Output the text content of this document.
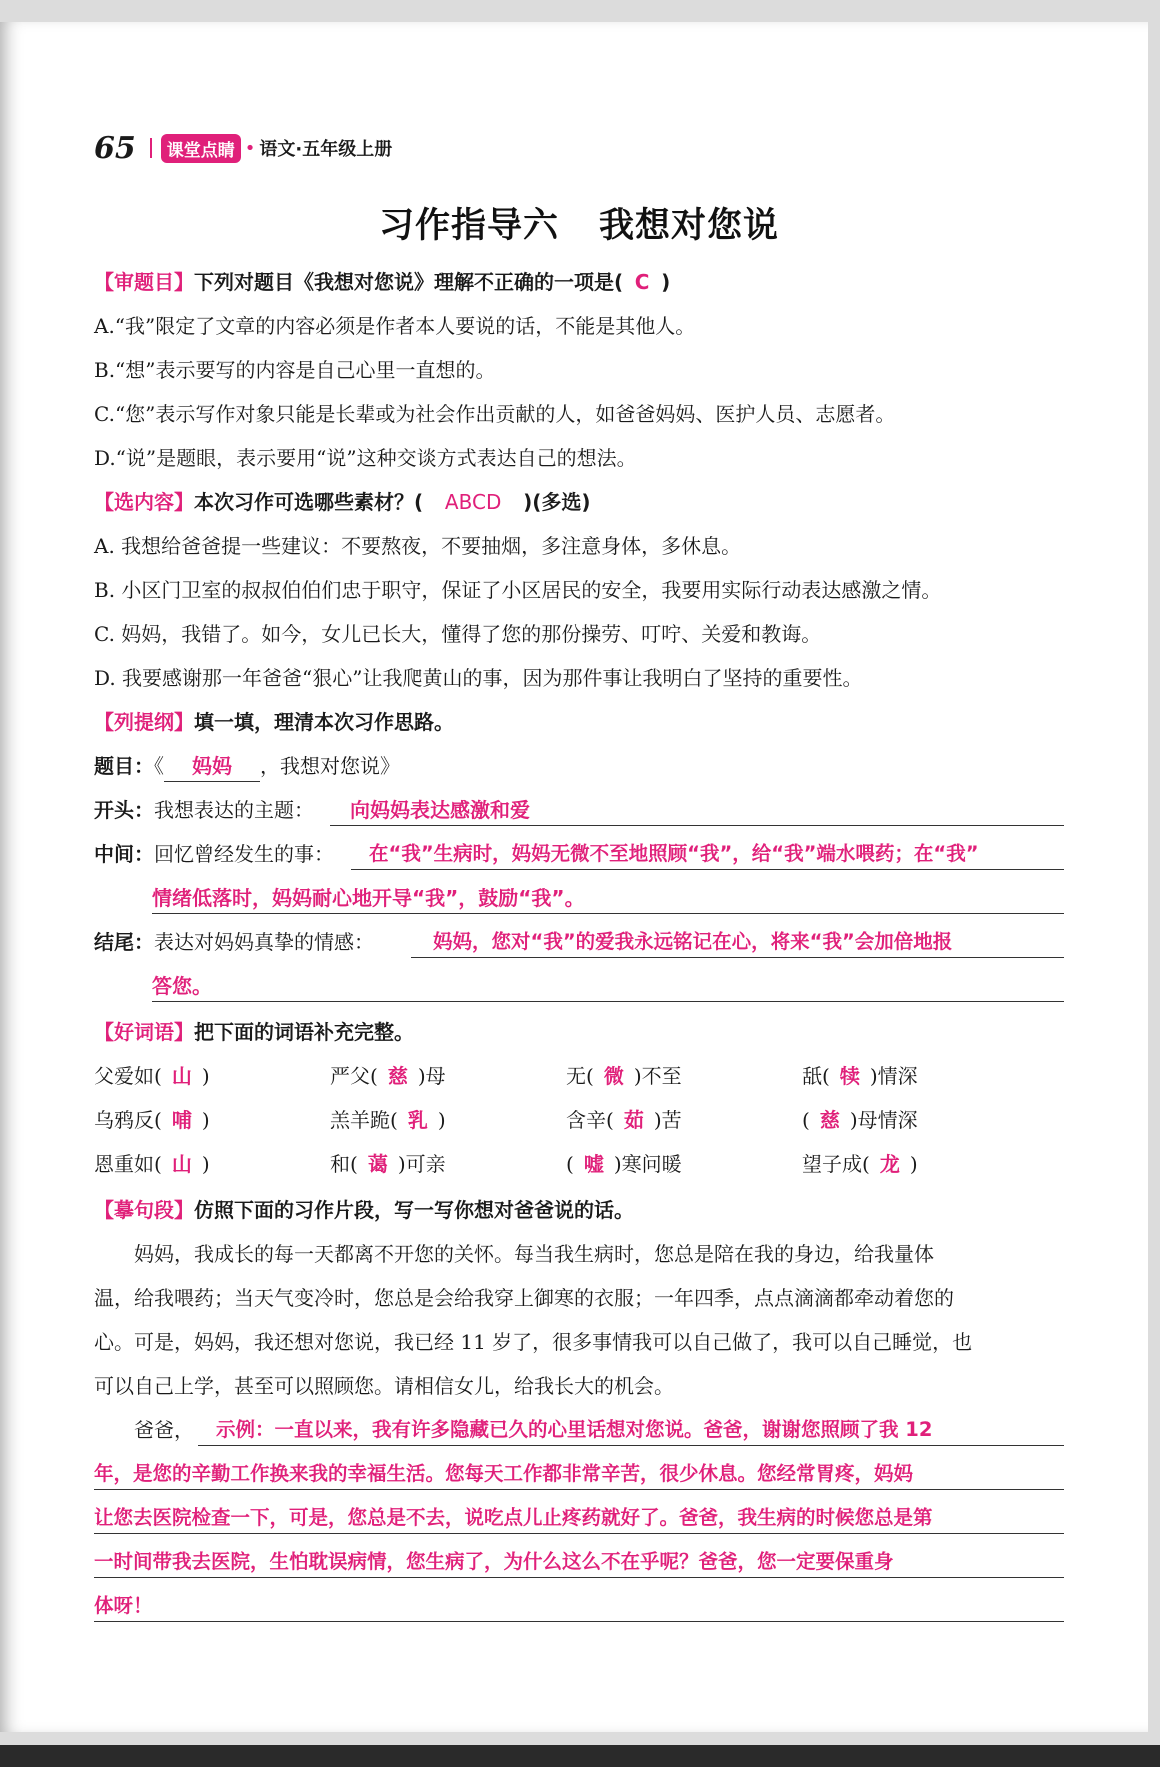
65	课堂点睛 • 语文·五年级上册
习作指导六 我想对您说
【审题目】下列对题目《我想对您说》理解不正确的一项是( C )
A.“我”限定了文章的内容必须是作者本人要说的话，不能是其他人。
B.“想”表示要写的内容是自己心里一直想的。
C.“您”表示写作对象只能是长辈或为社会作出贡献的人，如爸爸妈妈、医护人员、志愿者。
D.“说”是题眼，表示要用“说”这种交谈方式表达自己的想法。
【选内容】本次习作可选哪些素材？( ABCD )(多选)
A. 我想给爸爸提一些建议：不要熬夜，不要抽烟，多注意身体，多休息。
B. 小区门卫室的叔叔伯伯们忠于职守，保证了小区居民的安全，我要用实际行动表达感激之情。
C. 妈妈，我错了。如今，女儿已长大，懂得了您的那份操劳、叮咛、关爱和教诲。
D. 我要感谢那一年爸爸“狠心”让我爬黄山的事，因为那件事让我明白了坚持的重要性。
【列提纲】填一填，理清本次习作思路。
题目：《 妈妈 ，我想对您说》
开头：我想表达的主题：	向妈妈表达感激和爱
中间：回忆曾经发生的事：	在“我”生病时，妈妈无微不至地照顾“我”，给“我”端水喂药；在“我”
情绪低落时，妈妈耐心地开导“我”，鼓励“我”。
结尾：表达对妈妈真挚的情感：	妈妈，您对“我”的爱我永远铭记在心，将来“我”会加倍地报
答您。
【好词语】把下面的词语补充完整。
父爱如( 山 )	严父( 慈 )母	无( 微 )不至	舐( 犊 )情深
乌鸦反( 哺 )	羔羊跪( 乳 )	含辛( 茹 )苦	( 慈 )母情深
恩重如( 山 )	和( 蔼 )可亲	( 嘘 )寒问暖	望子成( 龙 )
【摹句段】仿照下面的习作片段，写一写你想对爸爸说的话。
　　妈妈，我成长的每一天都离不开您的关怀。每当我生病时，您总是陪在我的身边，给我量体
温，给我喂药；当天气变冷时，您总是会给我穿上御寒的衣服；一年四季，点点滴滴都牵动着您的
心。可是，妈妈，我还想对您说，我已经 11 岁了，很多事情我可以自己做了，我可以自己睡觉，也
可以自己上学，甚至可以照顾您。请相信女儿，给我长大的机会。
　　爸爸，	示例：一直以来，我有许多隐藏已久的心里话想对您说。爸爸，谢谢您照顾了我 12
年，是您的辛勤工作换来我的幸福生活。您每天工作都非常辛苦，很少休息。您经常胃疼，妈妈
让您去医院检查一下，可是，您总是不去，说吃点儿止疼药就好了。爸爸，我生病的时候您总是第
一时间带我去医院，生怕耽误病情，您生病了，为什么这么不在乎呢？爸爸，您一定要保重身
体呀！
